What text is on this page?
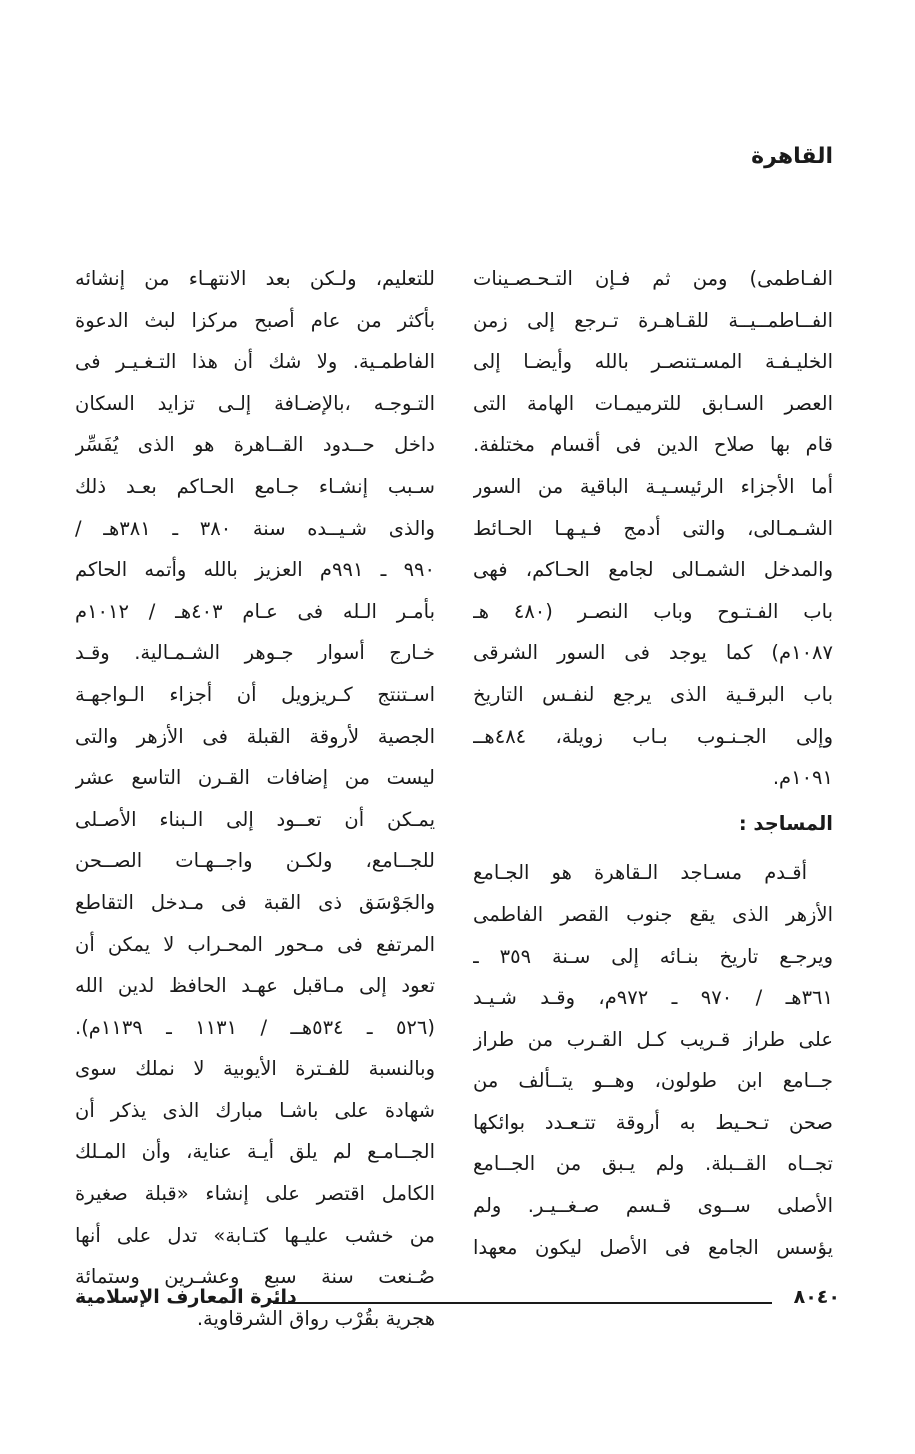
القاهرة
الفـاطمى) ومن ثم فـإن التـحـصـينات
الفــاطمــيــة للقـاهـرة تـرجع إلى زمن
الخليـفـة المسـتنصـر بالله وأيضـا إلى
العصر السـابق للترميمـات الهامة التى
قام بها صلاح الدين فى أقسام مختلفة.
أما الأجزاء الرئيسـيـة الباقية من السور
الشـمـالى، والتى أدمج فـيـهـا الحـائط
والمدخل الشمـالى لجامع الحـاكم، فهى
باب الفـتـوح وباب النصـر (٤٨٠ هـ
١٠٨٧م) كما يوجد فى السور الشرقى
باب البرقـية الذى يرجع لنفـس التاريخ
وإلى الجـنـوب بـاب زويلة، ٤٨٤هــ
١٠٩١م.
المساجد :
أقـدم مسـاجد الـقاهرة هو الجـامع
الأزهر الذى يقع جنوب القصر الفاطمى
ويرجـع تاريخ بنـائه إلى سـنة ٣٥٩ ـ
٣٦١هـ / ٩٧٠ ـ ٩٧٢م، وقـد شـيـد
على طراز قـريب كـل القـرب من طراز
جــامع ابن طولون، وهــو يتــألف من
صحن تـحـيط به أروقة تتـعـدد بوائكها
تجــاه القــبلة. ولم يـبق من الجــامع
الأصلى ســوى قـسم صـغــيـر. ولم
يؤسس الجامع فى الأصل ليكون معهدا
للتعليم، ولـكن بعد الانتهـاء من إنشائه
بأكثر من عام أصبح مركزا لبث الدعوة
الفاطمـية. ولا شك أن هذا التـغـيـر فى
التـوجـه ،بالإضـافة إلـى تزايد السكان
داخل حــدود القــاهرة هو الذى يُفَسِّر
سـبب إنشـاء جـامع الحـاكم بعـد ذلك
والذى شـيــده سنة ٣٨٠ ـ ٣٨١هـ /
٩٩٠ ـ ٩٩١م العزيز بالله وأتمه الحاكم
بأمـر الـله فى عـام ٤٠٣هـ / ١٠١٢م
خـارج أسوار جـوهر الشـمـالية. وقـد
اسـتنتج كـريزويل أن أجزاء الـواجهـة
الجصية لأروقة القبلة فى الأزهر والتى
ليست من إضافات القـرن التاسع عشر
يمـكن أن تعــود إلى الـبناء الأصـلى
للجــامع، ولكـن واجــهـات الصــحن
والجَوْسَق ذى القبة فى مـدخل التقاطع
المرتفع فى مـحور المحـراب لا يمكن أن
تعود إلى مـاقبل عهـد الحافظ لدين الله
(٥٢٦ ـ ٥٣٤هــ / ١١٣١ ـ ١١٣٩م).
وبالنسبة للفـترة الأيوبية لا نملك سوى
شهادة على باشـا مبارك الذى يذكر أن
الجــامـع لم يلق أيـة عناية، وأن المـلك
الكامل اقتصر على إنشاء «قبلة صغيرة
من خشب عليـها كتـابة» تدل على أنها
صُـنعت سنة سبع وعشـرين وستمائة
هجرية بقُرْب رواق الشرقاوية.
٨٠٤٠
دائرة المعارف الإسلامية
